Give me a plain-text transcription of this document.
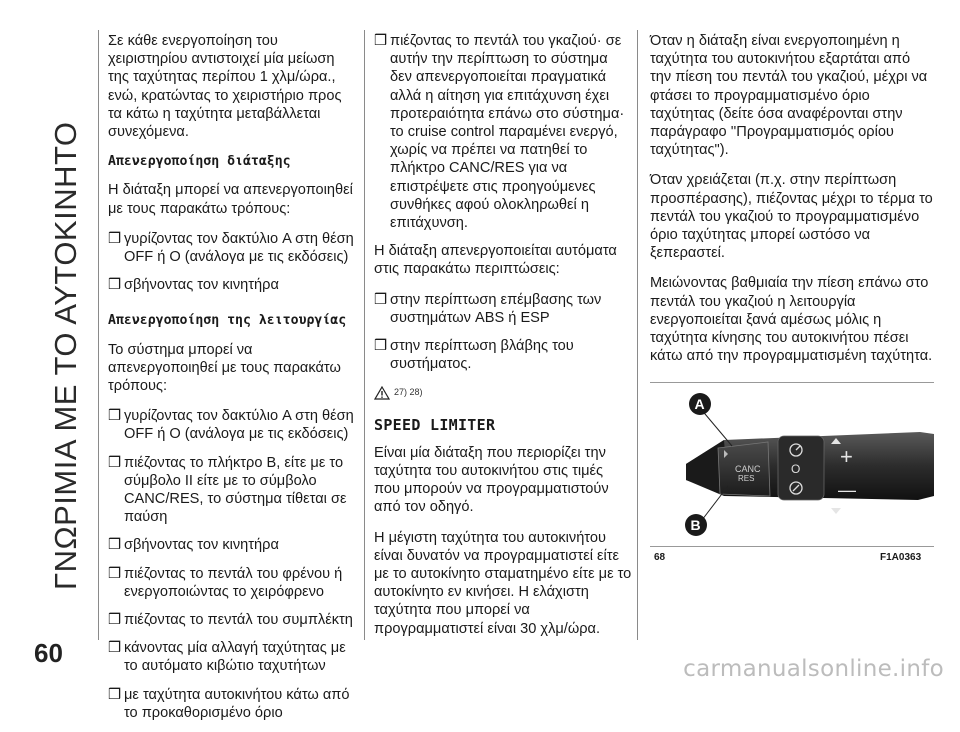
ΓΝΩΡΙΜΙΑ ΜΕ ΤΟ ΑΥΤΟΚΙΝΗΤΟ
60

Σε κάθε ενεργοποίηση του χειριστηρίου αντιστοιχεί μία μείωση της ταχύτητας περίπου 1 χλμ/ώρα., ενώ, κρατώντας το χειριστήριο προς τα κάτω η ταχύτητα μεταβάλλεται συνεχόμενα.

Απενεργοποίηση διάταξης

Η διάταξη μπορεί να απενεργοποιηθεί με τους παρακάτω τρόπους:

❒ γυρίζοντας τον δακτύλιο A στη θέση OFF ή O (ανάλογα με τις εκδόσεις)

❒ σβήνοντας τον κινητήρα

Απενεργοποίηση της λειτουργίας

Το σύστημα μπορεί να απενεργοποιηθεί με τους παρακάτω τρόπους:

❒ γυρίζοντας τον δακτύλιο A στη θέση OFF ή O (ανάλογα με τις εκδόσεις)

❒ πιέζοντας το πλήκτρο B, είτε με το σύμβολο II είτε με το σύμβολο CANC/RES, το σύστημα τίθεται σε παύση

❒ σβήνοντας τον κινητήρα

❒ πιέζοντας το πεντάλ του φρένου ή ενεργοποιώντας το χειρόφρενο

❒ πιέζοντας το πεντάλ του συμπλέκτη

❒ κάνοντας μία αλλαγή ταχύτητας με το αυτόματο κιβώτιο ταχυτήτων

❒ με ταχύτητα αυτοκινήτου κάτω από το προκαθορισμένο όριο

❒ πιέζοντας το πεντάλ του γκαζιού· σε αυτήν την περίπτωση το σύστημα δεν απενεργοποιείται πραγματικά αλλά η αίτηση για επιτάχυνση έχει προτεραιότητα επάνω στο σύστημα· το cruise control παραμένει ενεργό, χωρίς να πρέπει να πατηθεί το πλήκτρο CANC/RES για να επιστρέψετε στις προηγούμενες συνθήκες αφού ολοκληρωθεί η επιτάχυνση.

Η διάταξη απενεργοποιείται αυτόματα στις παρακάτω περιπτώσεις:

❒ στην περίπτωση επέμβασης των συστημάτων ABS ή ESP

❒ στην περίπτωση βλάβης του συστήματος.

27) 28)
SPEED LIMITER

Είναι μία διάταξη που περιορίζει την ταχύτητα του αυτοκινήτου στις τιμές που μπορούν να προγραμματιστούν από τον οδηγό.

Η μέγιστη ταχύτητα του αυτοκινήτου είναι δυνατόν να προγραμματιστεί είτε με το αυτοκίνητο σταματημένο είτε με το αυτοκίνητο εν κινήσει. Η ελάχιστη ταχύτητα που μπορεί να προγραμματιστεί είναι 30 χλμ/ώρα.

Όταν η διάταξη είναι ενεργοποιημένη η ταχύτητα του αυτοκινήτου εξαρτάται από την πίεση του πεντάλ του γκαζιού, μέχρι να φτάσει το προγραμματισμένο όριο ταχύτητας (δείτε όσα αναφέρονται στην παράγραφο ''Προγραμματισμός ορίου ταχύτητας").

Όταν χρειάζεται (π.χ. στην περίπτωση προσπέρασης), πιέζοντας μέχρι το τέρμα το πεντάλ του γκαζιού το προγραμματισμένο όριο ταχύτητας μπορεί ωστόσο να ξεπεραστεί.

Μειώνοντας βαθμιαία την πίεση επάνω στο πεντάλ του γκαζιού η λειτουργία ενεργοποιείται ξανά αμέσως μόλις η ταχύτητα κίνησης του αυτοκινήτου πέσει κάτω από την προγραμματισμένη ταχύτητα.

CANC
RES
O +
—
A
B
68	F1A0363
carmanualsonline.info
